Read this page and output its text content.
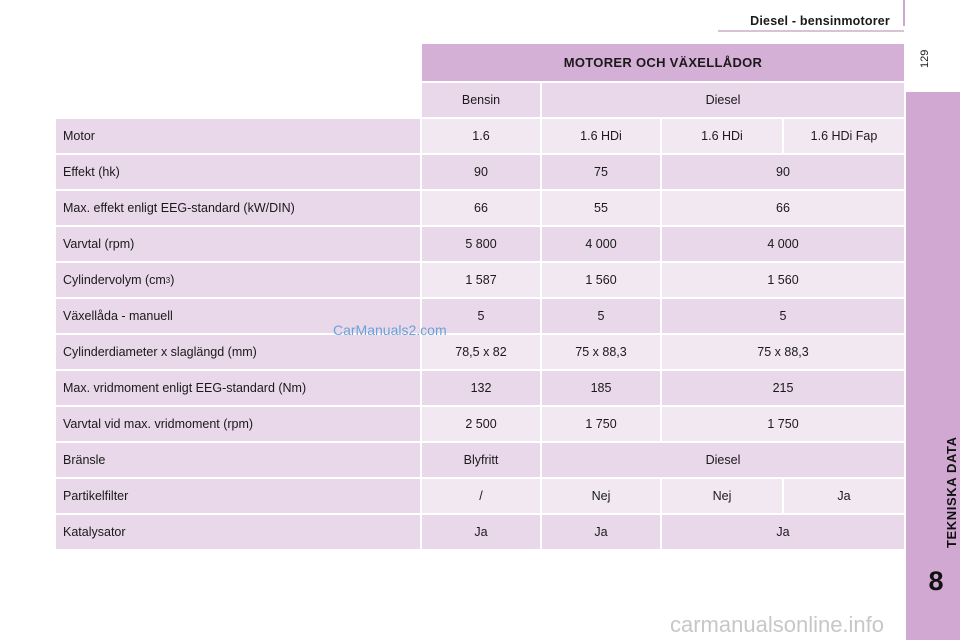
Diesel - bensinmotorer
129
TEKNISKA DATA
8
MOTORER OCH VÄXELLÅDOR
Bensin	Diesel
Motor	1.6	1.6 HDi	1.6 HDi	1.6 HDi Fap
Effekt (hk)	90	75	90
Max. effekt enligt EEG-standard (kW/DIN)	66	55	66
Varvtal (rpm)	5 800	4 000	4 000
Cylindervolym (cm 3 )	1 587	1 560	1 560
Växellåda - manuell	5	5	5
Cylinderdiameter x slaglängd (mm)	78,5 x 82	75 x 88,3	75 x 88,3
Max. vridmoment enligt EEG-standard (Nm)	132	185	215
Varvtal vid max. vridmoment (rpm)	2 500	1 750	1 750
Bränsle	Blyfritt	Diesel
Partikelfilter	/	Nej	Nej	Ja
Katalysator	Ja	Ja	Ja
CarManuals2.com
carmanualsonline.info
